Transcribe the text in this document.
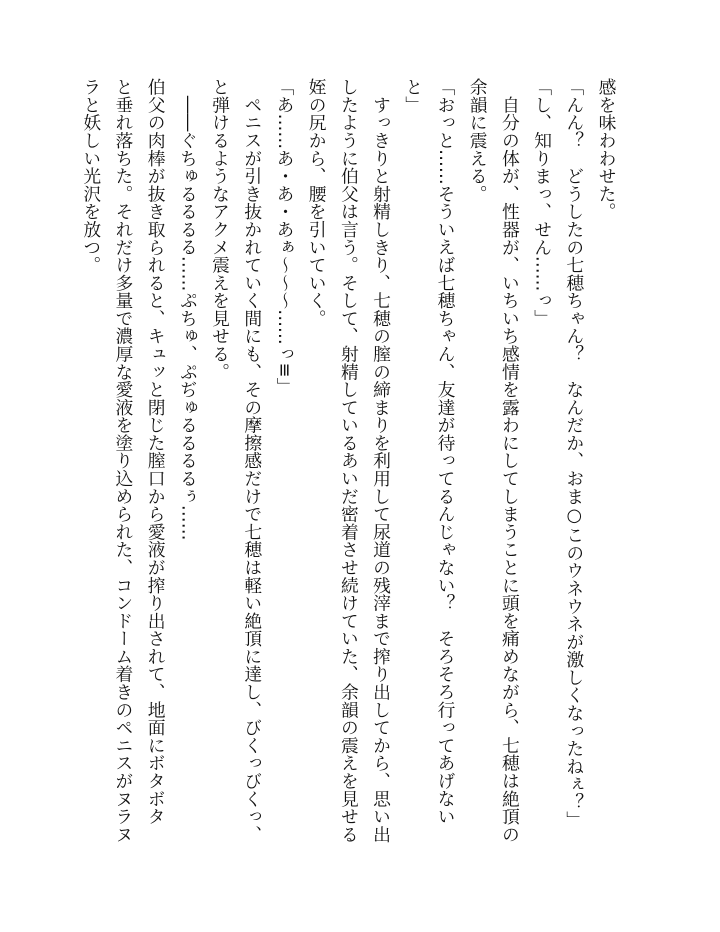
感を味わわせた。
「んん？　どうしたの七穂ちゃん？　なんだか、おま○このウネウネが激しくなったねぇ？」
「し、知りまっ、せん……っ」
　自分の体が、性器が、いちいち感情を露わにしてしまうことに頭を痛めながら、七穂は絶頂の
余韻に震える。
「おっと……そういえば七穂ちゃん、友達が待ってるんじゃない？　そろそろ行ってあげない
と」
　すっきりと射精しきり、七穂の膣の締まりを利用して尿道の残滓まで搾り出してから、思い出
したように伯父は言う。そして、射精しているあいだ密着させ続けていた、余韻の震えを見せる
姪の尻から、腰を引いていく。
「あ……あ・あ・あぁ～～～……っ≡」
　ペニスが引き抜かれていく間にも、その摩擦感だけで七穂は軽い絶頂に達し、びくっびくっ、
と弾けるようなアクメ震えを見せる。
　――ぐちゅるるるる……ぷちゅ、ぷぢゅるるるるぅ……
伯父の肉棒が抜き取られると、キュッと閉じた膣口から愛液が搾り出されて、地面にボタボタ
と垂れ落ちた。それだけ多量で濃厚な愛液を塗り込められた、コンドーム着きのペニスがヌラヌ
ラと妖しい光沢を放つ。
